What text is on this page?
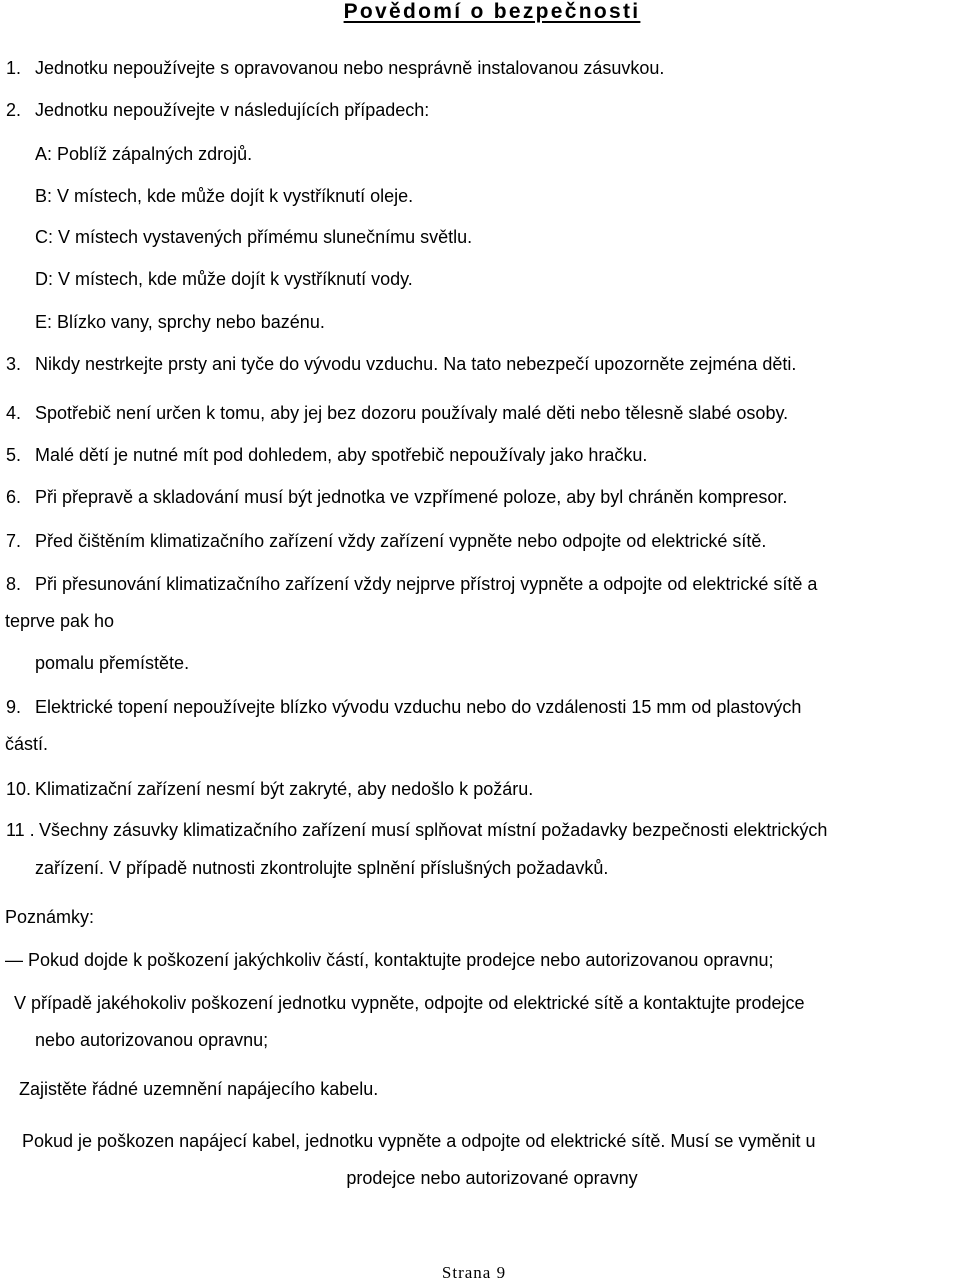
Povědomí o bezpečnosti
1. Jednotku nepoužívejte s opravovanou nebo nesprávně instalovanou zásuvkou.
2. Jednotku nepoužívejte v následujících případech:
A: Poblíž zápalných zdrojů.
B: V místech, kde může dojít k vystříknutí oleje.
C: V místech vystavených přímému slunečnímu světlu.
D: V místech, kde může dojít k vystříknutí vody.
E: Blízko vany, sprchy nebo bazénu.
3. Nikdy nestrkejte prsty ani tyče do vývodu vzduchu. Na tato nebezpečí upozorněte zejména děti.
4. Spotřebič není určen k tomu, aby jej bez dozoru používaly malé děti nebo tělesně slabé osoby.
5. Malé dětí je nutné mít pod dohledem, aby spotřebič nepoužívaly jako hračku.
6. Při přepravě a skladování musí být jednotka ve vzpřímené poloze, aby byl chráněn kompresor.
7. Před čištěním klimatizačního zařízení vždy zařízení vypněte nebo odpojte od elektrické sítě.
8. Při přesunování klimatizačního zařízení vždy nejprve přístroj vypněte a odpojte od elektrické sítě a
teprve pak ho
pomalu přemístěte.
9. Elektrické topení nepoužívejte blízko vývodu vzduchu nebo do vzdálenosti 15 mm od plastových
částí.
10. Klimatizační zařízení nesmí být zakryté, aby nedošlo k požáru.
11 . Všechny zásuvky klimatizačního zařízení musí splňovat místní požadavky bezpečnosti elektrických
zařízení. V případě nutnosti zkontrolujte splnění příslušných požadavků.
Poznámky:
— Pokud dojde k poškození jakýchkoliv částí, kontaktujte prodejce nebo autorizovanou opravnu;
V případě jakéhokoliv poškození jednotku vypněte, odpojte od elektrické sítě a kontaktujte prodejce
nebo autorizovanou opravnu;
Zajistěte řádné uzemnění napájecího kabelu.
Pokud je poškozen napájecí kabel, jednotku vypněte a odpojte od elektrické sítě. Musí se vyměnit u
prodejce nebo autorizované opravny
Strana 9
